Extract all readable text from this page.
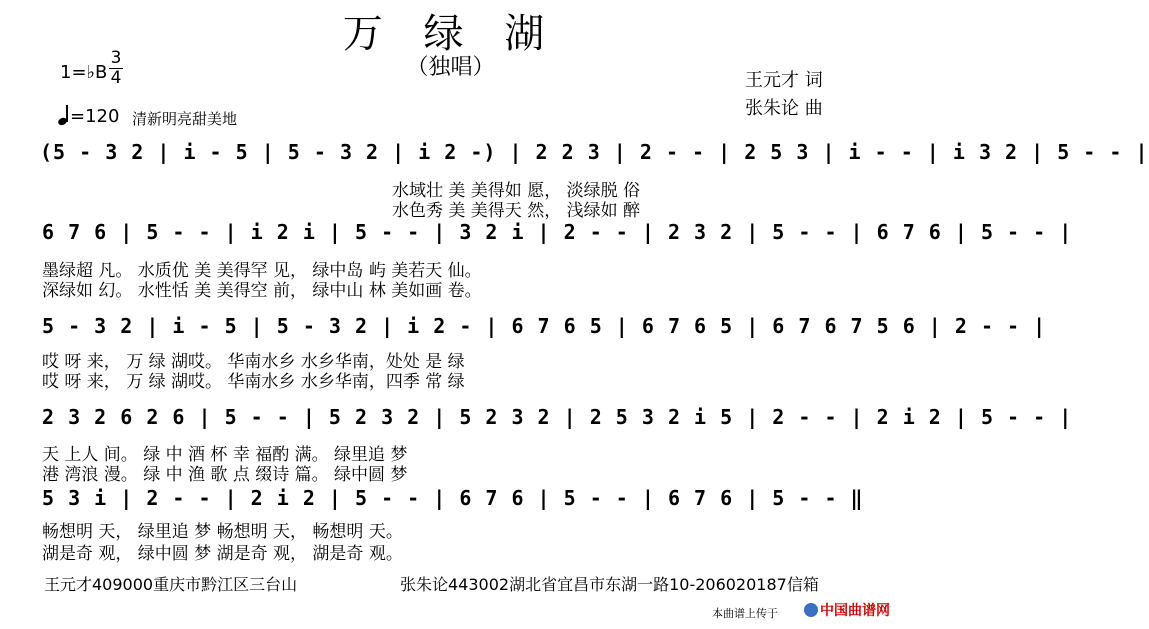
万 绿 湖
（独唱）
1=♭B
3
4
=120 清新明亮甜美地
王元才 词
张朱论 曲
(5 - 3 2 | i - 5 | 5 - 3 2 | i 2 -) | 2 2 3 | 2 - - | 2 5 3 | i - - | i 3 2 | 5 - - |
水域壮 美 美得如 愿， 淡绿脱 俗
水色秀 美 美得天 然， 浅绿如 醉
6 7 6 | 5 - - | i 2 i | 5 - - | 3 2 i | 2 - - | 2 3 2 | 5 - - | 6 7 6 | 5 - - |
墨绿超 凡。 水质优 美 美得罕 见， 绿中岛 屿 美若天 仙。
深绿如 幻。 水性恬 美 美得空 前， 绿中山 林 美如画 卷。
5 - 3 2 | i - 5 | 5 - 3 2 | i 2 - | 6 7 6 5 | 6 7 6 5 | 6 7 6 7 5 6 | 2 - - |
哎 呀 来， 万 绿 湖哎。 华南水乡 水乡华南，处处 是 绿
哎 呀 来， 万 绿 湖哎。 华南水乡 水乡华南，四季 常 绿
2 3 2 6 2 6 | 5 - - | 5 2 3 2 | 5 2 3 2 | 2 5 3 2 i 5 | 2 - - | 2 i 2 | 5 - - |
天 上人 间。 绿 中 酒 杯 幸 福酌 满。 绿里追 梦
港 湾浪 漫。 绿 中 渔 歌 点 缀诗 篇。 绿中圆 梦
5 3 i | 2 - - | 2 i 2 | 5 - - | 6 7 6 | 5 - - | 6 7 6 | 5 - - ‖
畅想明 天， 绿里追 梦 畅想明 天， 畅想明 天。
湖是奇 观， 绿中圆 梦 湖是奇 观， 湖是奇 观。
王元才409000重庆市黔江区三台山	张朱论443002湖北省宜昌市东湖一路10-206020187信箱
本曲谱上传于	中国曲谱网
